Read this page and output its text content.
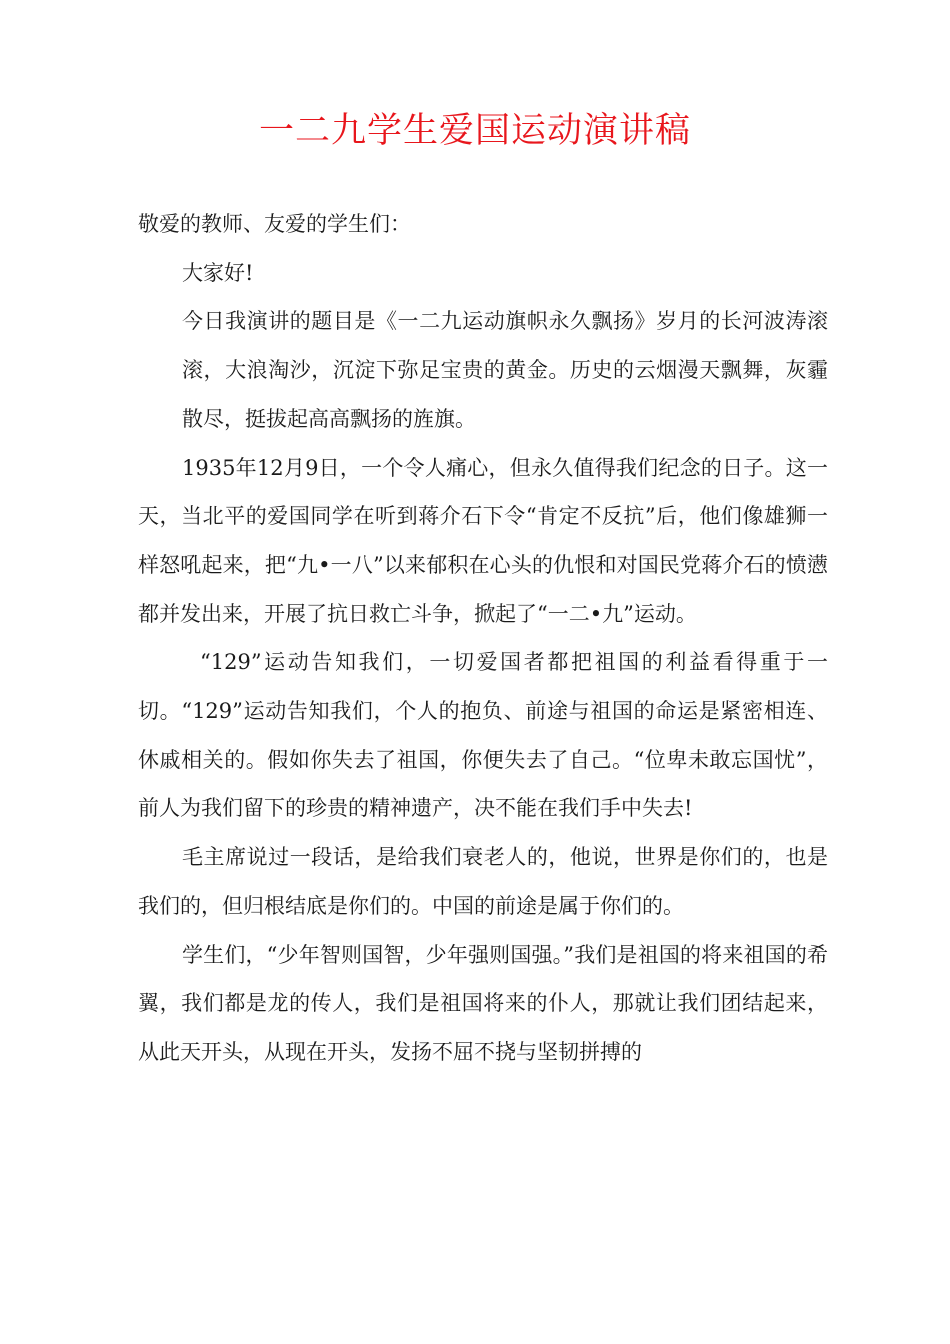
一二九学生爱国运动演讲稿

敬爱的教师、友爱的学生们：

大家好!

今日我演讲的题目是《一二九运动旗帜永久飘扬》岁月的长河波涛滚滚，大浪淘沙，沉淀下弥足宝贵的黄金。历史的云烟漫天飘舞，灰霾散尽，挺拔起高高飘扬的旌旗。

1935年12月9日，一个令人痛心，但永久值得我们纪念的日子。这一天，当北平的爱国同学在听到蒋介石下令“肯定不反抗”后，他们像雄狮一样怒吼起来，把“九•一八”以来郁积在心头的仇恨和对国民党蒋介石的愤懑都并发出来，开展了抗日救亡斗争，掀起了“一二•九”运动。

“129”运动告知我们，一切爱国者都把祖国的利益看得重于一切。“129”运动告知我们，个人的抱负、前途与祖国的命运是紧密相连、休戚相关的。假如你失去了祖国，你便失去了自己。“位卑未敢忘国忧”，前人为我们留下的珍贵的精神遗产，决不能在我们手中失去!

毛主席说过一段话，是给我们衰老人的，他说，世界是你们的，也是我们的，但归根结底是你们的。中国的前途是属于你们的。

学生们，“少年智则国智，少年强则国强。”我们是祖国的将来祖国的希翼，我们都是龙的传人，我们是祖国将来的仆人，那就让我们团结起来，从此天开头，从现在开头，发扬不屈不挠与坚韧拼搏的
